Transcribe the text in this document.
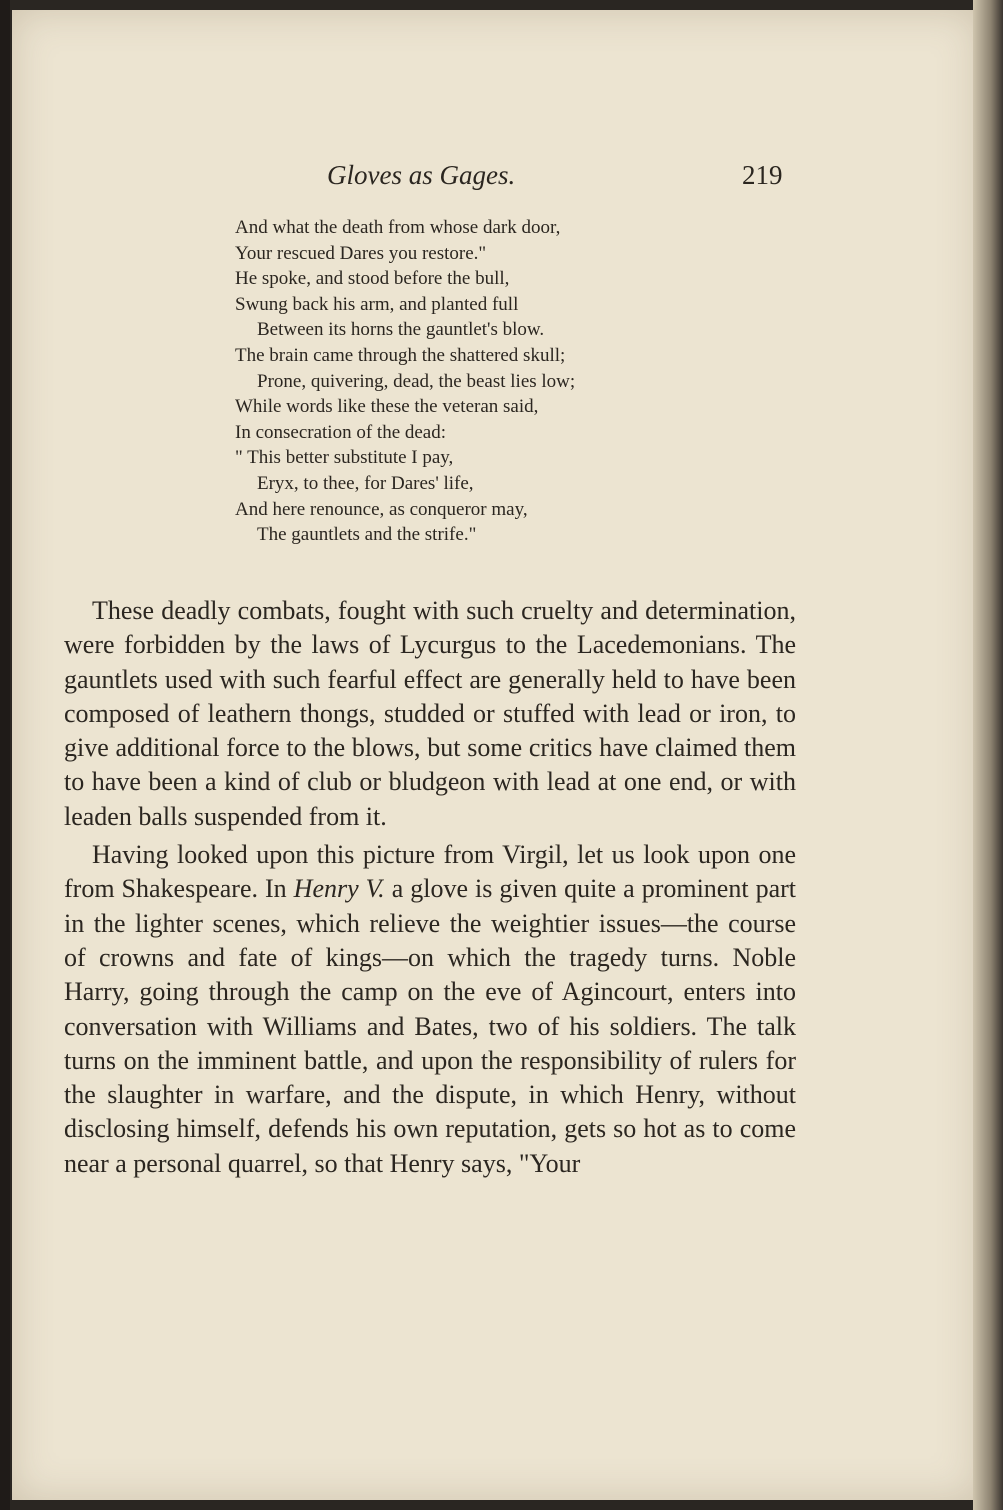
Gloves as Gages.	219
And what the death from whose dark door,
Your rescued Dares you restore."
He spoke, and stood before the bull,
Swung back his arm, and planted full
Between its horns the gauntlet's blow.
The brain came through the shattered skull;
Prone, quivering, dead, the beast lies low;
While words like these the veteran said,
In consecration of the dead:
" This better substitute I pay,
Eryx, to thee, for Dares' life,
And here renounce, as conqueror may,
The gauntlets and the strife."

These deadly combats, fought with such cruelty and determination, were forbidden by the laws of Lycurgus to the Lacedemonians. The gauntlets used with such fearful effect are generally held to have been composed of leathern thongs, studded or stuffed with lead or iron, to give additional force to the blows, but some critics have claimed them to have been a kind of club or bludgeon with lead at one end, or with leaden balls suspended from it.

Having looked upon this picture from Virgil, let us look upon one from Shakespeare. In Henry V. a glove is given quite a prominent part in the lighter scenes, which relieve the weightier issues—the course of crowns and fate of kings—on which the tragedy turns. Noble Harry, going through the camp on the eve of Agincourt, enters into conversation with Williams and Bates, two of his soldiers. The talk turns on the imminent battle, and upon the responsibility of rulers for the slaughter in warfare, and the dispute, in which Henry, without disclosing himself, defends his own reputation, gets so hot as to come near a personal quarrel, so that Henry says, "Your
